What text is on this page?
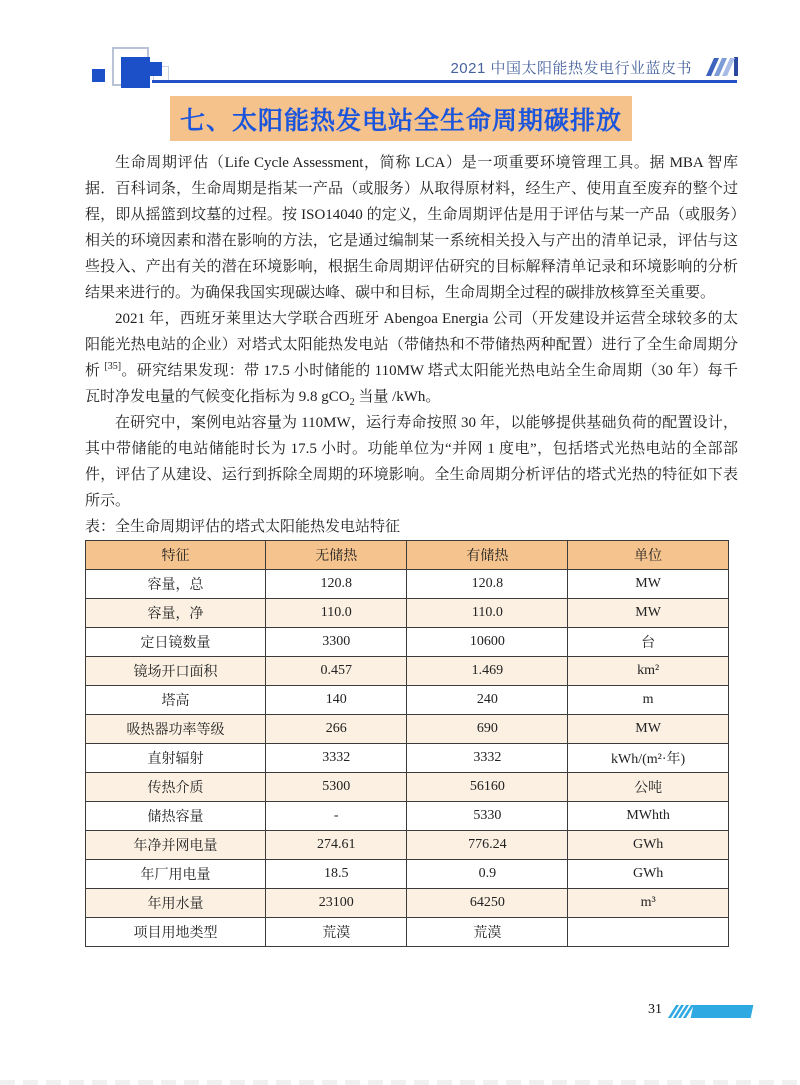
2021 中国太阳能热发电行业蓝皮书
七、太阳能热发电站全生命周期碳排放

生命周期评估（Life Cycle Assessment，简称 LCA）是一项重要环境管理工具。据 MBA 智库据．百科词条，生命周期是指某一产品（或服务）从取得原材料，经生产、使用直至废弃的整个过程，即从摇篮到坟墓的过程。按 ISO14040 的定义，生命周期评估是用于评估与某一产品（或服务）相关的环境因素和潜在影响的方法，它是通过编制某一系统相关投入与产出的清单记录，评估与这些投入、产出有关的潜在环境影响，根据生命周期评估研究的目标解释清单记录和环境影响的分析结果来进行的。为确保我国实现碳达峰、碳中和目标，生命周期全过程的碳排放核算至关重要。

2021 年，西班牙莱里达大学联合西班牙 Abengoa Energia 公司（开发建设并运营全球较多的太阳能光热电站的企业）对塔式太阳能热发电站（带储热和不带储热两种配置）进行了全生命周期分析 [35]。研究结果发现：带 17.5 小时储能的 110MW 塔式太阳能光热电站全生命周期（30 年）每千瓦时净发电量的气候变化指标为 9.8 gCO$_2$ 当量 /kWh。

在研究中，案例电站容量为 110MW，运行寿命按照 30 年，以能够提供基础负荷的配置设计，其中带储能的电站储能时长为 17.5 小时。功能单位为“并网 1 度电”，包括塔式光热电站的全部部件，评估了从建设、运行到拆除全周期的环境影响。全生命周期分析评估的塔式光热的特征如下表所示。

表：全生命周期评估的塔式太阳能热发电站特征

特征	无储热	有储热	单位
容量，总	120.8	120.8	MW
容量，净	110.0	110.0	MW
定日镜数量	3300	10600	台
镜场开口面积	0.457	1.469	km²
塔高	140	240	m
吸热器功率等级	266	690	MW
直射辐射	3332	3332	kWh/(m²·年)
传热介质	5300	56160	公吨
储热容量	-	5330	MWhth
年净并网电量	274.61	776.24	GWh
年厂用电量	18.5	0.9	GWh
年用水量	23100	64250	m³
项目用地类型	荒漠	荒漠	
31
